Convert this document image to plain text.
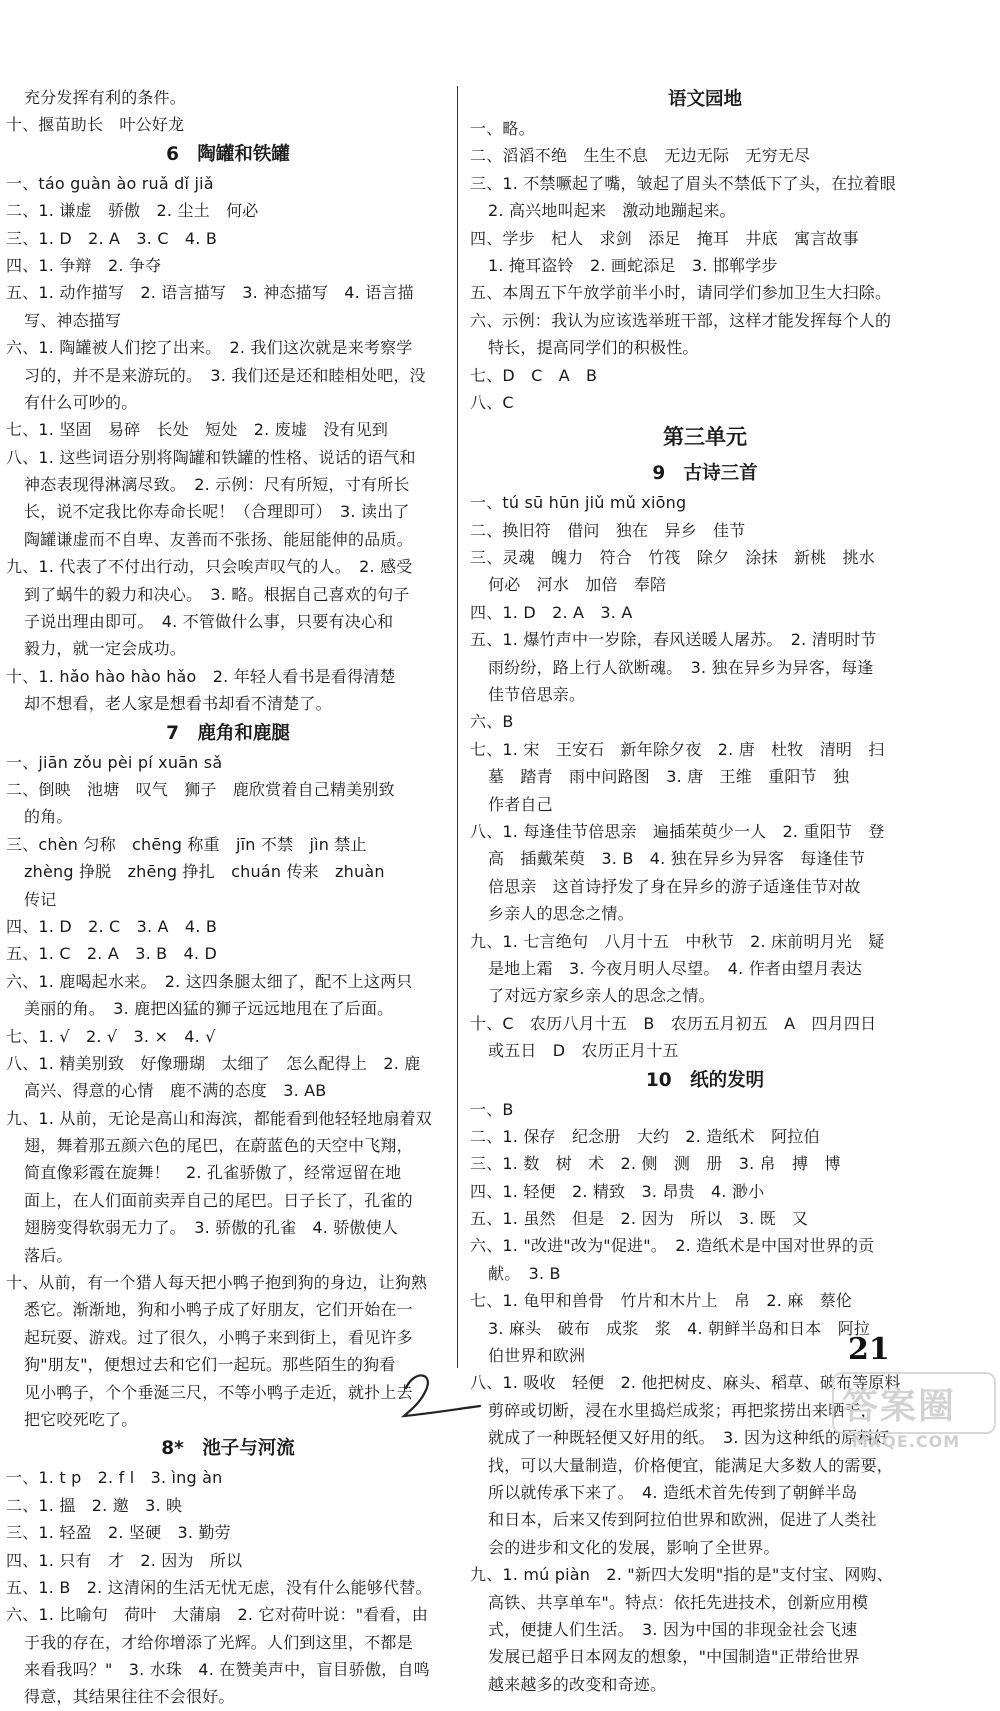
充分发挥有利的条件。
十、揠苗助长　叶公好龙
6　陶罐和铁罐
一、táo guàn ào ruǎ dǐ jiǎ
二、1. 谦虚　骄傲　2. 尘土　何必
三、1. D　2. A　3. C　4. B
四、1. 争辩　2. 争夺
五、1. 动作描写　2. 语言描写　3. 神态描写　4. 语言描
写、神态描写
六、1. 陶罐被人们挖了出来。　2. 我们这次就是来考察学
习的，并不是来游玩的。　3. 我们还是还和睦相处吧，没
有什么可吵的。
七、1. 坚固　易碎　长处　短处　2. 废墟　没有见到
八、1. 这些词语分别将陶罐和铁罐的性格、说话的语气和
神态表现得淋漓尽致。　2. 示例：尺有所短，寸有所长
长，说不定我比你寿命长呢！（合理即可）　3. 读出了
陶罐谦虚而不自卑、友善而不张扬、能屈能伸的品质。
九、1. 代表了不付出行动，只会唉声叹气的人。　2. 感受
到了蜗牛的毅力和决心。　3. 略。根据自己喜欢的句子
子说出理由即可。　4. 不管做什么事，只要有决心和
毅力，就一定会成功。
十、1. hǎo hào hào hǎo　2. 年轻人看书是看得清楚
却不想看，老人家是想看书却看不清楚了。
7　鹿角和鹿腿
一、jiān zǒu pèi pí xuān sǎ
二、倒映　池塘　叹气　狮子　鹿欣赏着自己精美别致
的角。
三、chèn 匀称　chēng 称重　jīn 不禁　jìn 禁止
zhèng 挣脱　zhēng 挣扎　chuán 传来　zhuàn
传记
四、1. D　2. C　3. A　4. B
五、1. C　2. A　3. B　4. D
六、1. 鹿喝起水来。　2. 这四条腿太细了，配不上这两只
美丽的角。　3. 鹿把凶猛的狮子远远地甩在了后面。
七、1. √　2. √　3. ×　4. √
八、1. 精美别致　好像珊瑚　太细了　怎么配得上　2. 鹿
高兴、得意的心情　鹿不满的态度　3. AB
九、1. 从前，无论是高山和海滨，都能看到他轻轻地扇着双
翅，舞着那五颜六色的尾巴，在蔚蓝色的天空中飞翔，
简直像彩霞在旋舞！　2. 孔雀骄傲了，经常逗留在地
面上，在人们面前卖弄自己的尾巴。日子长了，孔雀的
翅膀变得软弱无力了。　3. 骄傲的孔雀　4. 骄傲使人
落后。
十、从前，有一个猎人每天把小鸭子抱到狗的身边，让狗熟
悉它。渐渐地，狗和小鸭子成了好朋友，它们开始在一
起玩耍、游戏。过了很久，小鸭子来到街上，看见许多
狗"朋友"，便想过去和它们一起玩。那些陌生的狗看
见小鸭子，个个垂涎三尺，不等小鸭子走近，就扑上去
把它咬死吃了。
8*　池子与河流
一、1. t p　2. f l　3. ìng àn
二、1. 搵　2. 邀　3. 映
三、1. 轻盈　2. 坚硬　3. 勤劳
四、1. 只有　才　2. 因为　所以
五、1. B　2. 这清闲的生活无忧无虑，没有什么能够代替。
六、1. 比喻句　荷叶　大蒲扇　2. 它对荷叶说："看看，由
于我的存在，才给你增添了光辉。人们到这里，不都是
来看我吗？"　3. 水珠　4. 在赞美声中，盲目骄傲，自鸣
得意，其结果往往不会很好。
语文园地
一、略。
二、滔滔不绝　生生不息　无边无际　无穷无尽
三、1. 不禁噘起了嘴，皱起了眉头不禁低下了头，在拉着眼
2. 高兴地叫起来　激动地蹦起来。
四、学步　杞人　求剑　添足　掩耳　井底　寓言故事
1. 掩耳盗铃　2. 画蛇添足　3. 邯郸学步
五、本周五下午放学前半小时，请同学们参加卫生大扫除。
六、示例：我认为应该选举班干部，这样才能发挥每个人的
特长，提高同学们的积极性。
七、D　C　A　B
八、C
第三单元
9　古诗三首
一、tú sū hūn jiǔ mǔ xiōng
二、换旧符　借问　独在　异乡　佳节
三、灵魂　魄力　符合　竹筏　除夕　涂抹　新桃　挑水
何必　河水　加倍　奉陪
四、1. D　2. A　3. A
五、1. 爆竹声中一岁除，春风送暖人屠苏。　2. 清明时节
雨纷纷，路上行人欲断魂。　3. 独在异乡为异客，每逢
佳节倍思亲。
六、B
七、1. 宋　王安石　新年除夕夜　2. 唐　杜牧　清明　扫
墓　踏青　雨中问路图　3. 唐　王维　重阳节　独
作者自己
八、1. 每逢佳节倍思亲　遍插茱萸少一人　2. 重阳节　登
高　插戴茱萸　3. B　4. 独在异乡为异客　每逢佳节
倍思亲　这首诗抒发了身在异乡的游子适逢佳节对故
乡亲人的思念之情。
九、1. 七言绝句　八月十五　中秋节　2. 床前明月光　疑
是地上霜　3. 今夜月明人尽望。　4. 作者由望月表达
了对远方家乡亲人的思念之情。
十、C　农历八月十五　B　农历五月初五　A　四月四日
或五日　D　农历正月十五
10　纸的发明
一、B
二、1. 保存　纪念册　大约　2. 造纸术　阿拉伯
三、1. 数　树　术　2. 侧　测　册　3. 帛　搏　博
四、1. 轻便　2. 精致　3. 昂贵　4. 渺小
五、1. 虽然　但是　2. 因为　所以　3. 既　又
六、1. "改进"改为"促进"。　2. 造纸术是中国对世界的贡
献。　3. B
七、1. 龟甲和兽骨　竹片和木片上　帛　2. 麻　蔡伦
3. 麻头　破布　成浆　浆　4. 朝鲜半岛和日本　阿拉
伯世界和欧洲
八、1. 吸收　轻便　2. 他把树皮、麻头、稻草、破布等原料
剪碎或切断，浸在水里捣烂成浆；再把浆捞出来晒干，
就成了一种既轻便又好用的纸。　3. 因为这种纸的原料好
找，可以大量制造，价格便宜，能满足大多数人的需要，
所以就传承下来了。　4. 造纸术首先传到了朝鲜半岛
和日本，后来又传到阿拉伯世界和欧洲，促进了人类社
会的进步和文化的发展，影响了全世界。
九、1. mú piàn　2. "新四大发明"指的是"支付宝、网购、
高铁、共享单车"。特点：依托先进技术，创新应用模
式，便捷人们生活。　3. 因为中国的非现金社会飞速
发展已超乎日本网友的想象，"中国制造"正带给世界
越来越多的改变和奇迹。
21
答案圈
MXQE.COM
